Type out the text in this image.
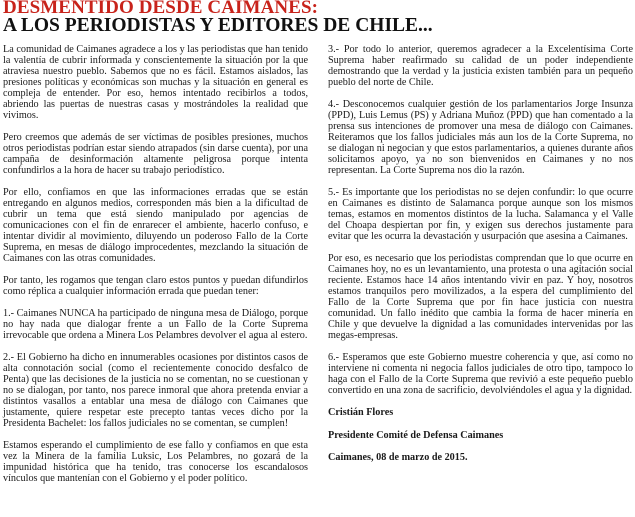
DESMENTIDO DESDE CAIMANES:
A LOS PERIODISTAS Y EDITORES DE CHILE...

La comunidad de Caimanes agradece a los y las periodistas que han tenido la valentía de cubrir informada y conscientemente la situación por la que atraviesa nuestro pueblo. Sabemos que no es fácil. Estamos aislados, las presiones políticas y económicas son muchas y la situación en general es compleja de entender. Por eso, hemos intentado recibirlos a todos, abriendo las puertas de nuestras casas y mostrándoles la realidad que vivimos.

Pero creemos que además de ser víctimas de posibles presiones, muchos otros periodistas podrían estar siendo atrapados (sin darse cuenta), por una campaña de desinformación altamente peligrosa porque intenta confundirlos a la hora de hacer su trabajo periodístico.

Por ello, confiamos en que las informaciones erradas que se están entregando en algunos medios, corresponden más bien a la dificultad de cubrir un tema que está siendo manipulado por agencias de comunicaciones con el fin de enrarecer el ambiente, hacerlo confuso, e intentar dividir al movimiento, diluyendo un poderoso Fallo de la Corte Suprema, en mesas de diálogo improcedentes, mezclando la situación de Caimanes con las otras comunidades.

Por tanto, les rogamos que tengan claro estos puntos y puedan difundirlos como réplica a cualquier información errada que puedan tener:

1.- Caimanes NUNCA ha participado de ninguna mesa de Diálogo, porque no hay nada que dialogar frente a un Fallo de la Corte Suprema irrevocable que ordena a Minera Los Pelambres devolver el agua al estero.

2.- El Gobierno ha dicho en innumerables ocasiones por distintos casos de alta connotación social (como el recientemente conocido desfalco de Penta) que las decisiones de la justicia no se comentan, no se cuestionan y no se dialogan, por tanto, nos parece inmoral que ahora pretenda enviar a distintos vasallos a entablar una mesa de diálogo con Caimanes que justamente, quiere respetar este precepto tantas veces dicho por la Presidenta Bachelet: los fallos judiciales no se comentan, se cumplen!

Estamos esperando el cumplimiento de ese fallo y confiamos en que esta vez la Minera de la familia Luksic, Los Pelambres, no gozará de la impunidad histórica que ha tenido, tras conocerse los escandalosos vínculos que mantenían con el Gobierno y el poder político.

3.- Por todo lo anterior, queremos agradecer a la Excelentísima Corte Suprema haber reafirmado su calidad de un poder independiente demostrando que la verdad y la justicia existen también para un pequeño pueblo del norte de Chile.

4.- Desconocemos cualquier gestión de los parlamentarios Jorge Insunza (PPD), Luis Lemus (PS) y Adriana Muñoz (PPD) que han comentado a la prensa sus intenciones de promover una mesa de diálogo con Caimanes. Reiteramos que los fallos judiciales más aun los de la Corte Suprema, no se dialogan ni negocian y que estos parlamentarios, a quienes durante años solicitamos apoyo, ya no son bienvenidos en Caimanes y no nos representan. La Corte Suprema nos dio la razón.

5.- Es importante que los periodistas no se dejen confundir: lo que ocurre en Caimanes es distinto de Salamanca porque aunque son los mismos temas, estamos en momentos distintos de la lucha. Salamanca y el Valle del Choapa despiertan por fin, y exigen sus derechos justamente para evitar que les ocurra la devastación y usurpación que asesina a Caimanes.

Por eso, es necesario que los periodistas comprendan que lo que ocurre en Caimanes hoy, no es un levantamiento, una protesta o una agitación social reciente. Estamos hace 14 años intentando vivir en paz. Y hoy, nosotros estamos tranquilos pero movilizados, a la espera del cumplimiento del Fallo de la Corte Suprema que por fin hace justicia con nuestra comunidad. Un fallo inédito que cambia la forma de hacer minería en Chile y que devuelve la dignidad a las comunidades intervenidas por las megas-empresas.

6.- Esperamos que este Gobierno muestre coherencia y que, así como no interviene ni comenta ni negocia fallos judiciales de otro tipo, tampoco lo haga con el Fallo de la Corte Suprema que revivió a este pequeño pueblo convertido en una zona de sacrificio, devolviéndoles el agua y la dignidad.

Cristián Flores

Presidente Comité de Defensa Caimanes

Caimanes, 08 de marzo de 2015.
